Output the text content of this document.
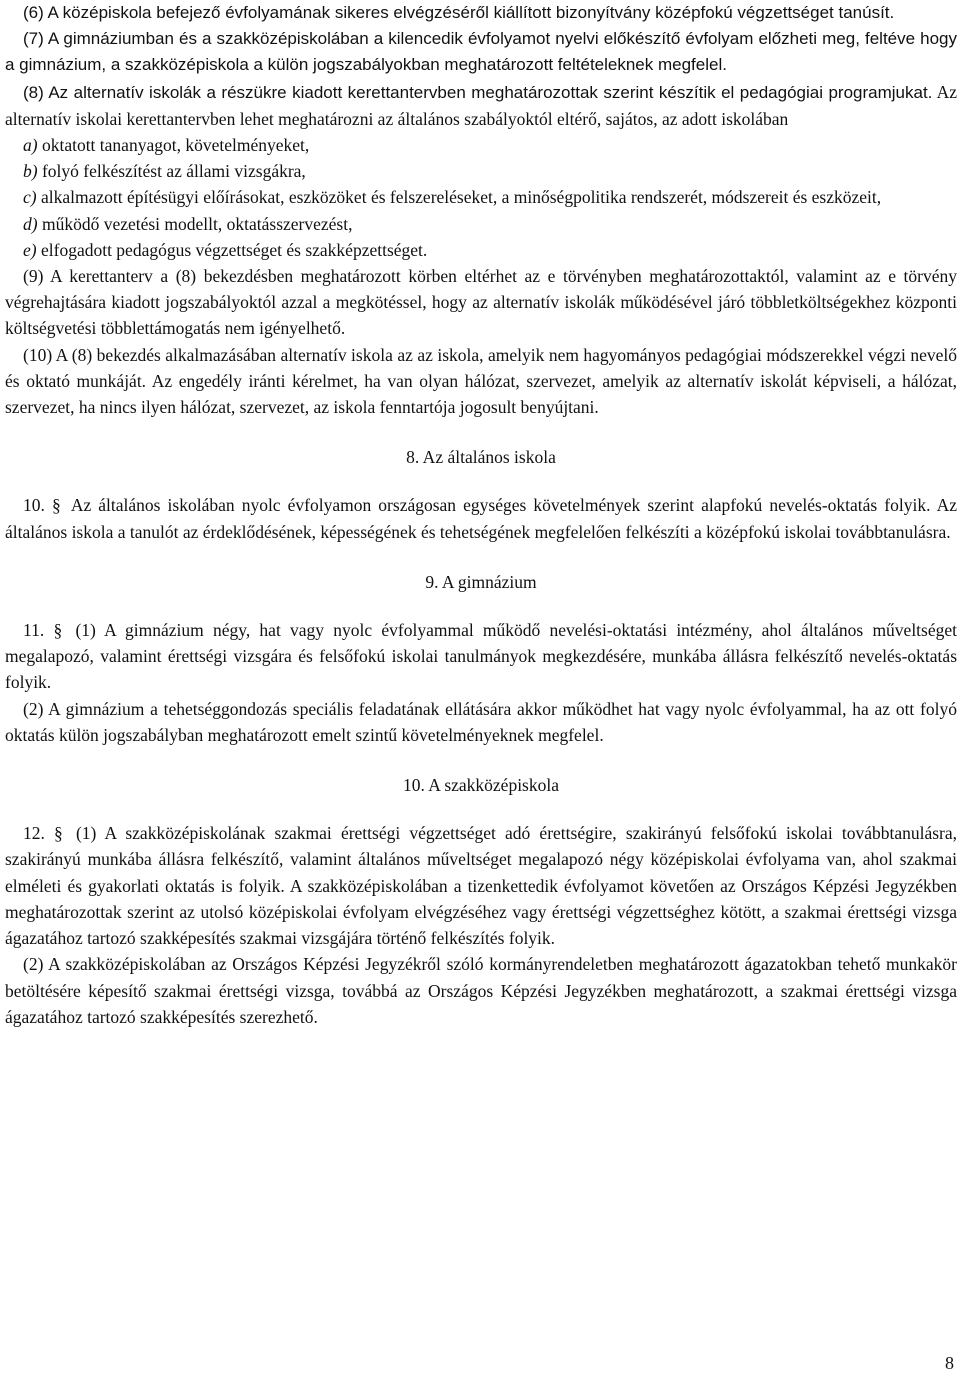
(6) A középiskola befejező évfolyamának sikeres elvégzéséről kiállított bizonyítvány középfokú végzettséget tanúsít.

(7) A gimnáziumban és a szakközépiskolában a kilencedik évfolyamot nyelvi előkészítő évfolyam előzheti meg, feltéve hogy a gimnázium, a szakközépiskola a külön jogszabályokban meghatározott feltételeknek megfelel.

(8) Az alternatív iskolák a részükre kiadott kerettantervben meghatározottak szerint készítik el pedagógiai programjukat. Az alternatív iskolai kerettantervben lehet meghatározni az általános szabályoktól eltérő, sajátos, az adott iskolában

a) oktatott tananyagot, követelményeket,

b) folyó felkészítést az állami vizsgákra,

c) alkalmazott építésügyi előírásokat, eszközöket és felszereléseket, a minőségpolitika rendszerét, módszereit és eszközeit,

d) működő vezetési modellt, oktatásszervezést,

e) elfogadott pedagógus végzettséget és szakképzettséget.

(9) A kerettanterv a (8) bekezdésben meghatározott körben eltérhet az e törvényben meghatározottaktól, valamint az e törvény végrehajtására kiadott jogszabályoktól azzal a megkötéssel, hogy az alternatív iskolák működésével járó többletköltségekhez központi költségvetési többlettámogatás nem igényelhető.

(10) A (8) bekezdés alkalmazásában alternatív iskola az az iskola, amelyik nem hagyományos pedagógiai módszerekkel végzi nevelő és oktató munkáját. Az engedély iránti kérelmet, ha van olyan hálózat, szervezet, amelyik az alternatív iskolát képviseli, a hálózat, szervezet, ha nincs ilyen hálózat, szervezet, az iskola fenntartója jogosult benyújtani.

8. Az általános iskola

10. § Az általános iskolában nyolc évfolyamon országosan egységes követelmények szerint alapfokú nevelés-oktatás folyik. Az általános iskola a tanulót az érdeklődésének, képességének és tehetségének megfelelően felkészíti a középfokú iskolai továbbtanulásra.

9. A gimnázium

11. § (1) A gimnázium négy, hat vagy nyolc évfolyammal működő nevelési-oktatási intézmény, ahol általános műveltséget megalapozó, valamint érettségi vizsgára és felsőfokú iskolai tanulmányok megkezdésére, munkába állásra felkészítő nevelés-oktatás folyik.

(2) A gimnázium a tehetséggondozás speciális feladatának ellátására akkor működhet hat vagy nyolc évfolyammal, ha az ott folyó oktatás külön jogszabályban meghatározott emelt szintű követelményeknek megfelel.

10. A szakközépiskola

12. § (1) A szakközépiskolának szakmai érettségi végzettséget adó érettségire, szakirányú felsőfokú iskolai továbbtanulásra, szakirányú munkába állásra felkészítő, valamint általános műveltséget megalapozó négy középiskolai évfolyama van, ahol szakmai elméleti és gyakorlati oktatás is folyik. A szakközépiskolában a tizenkettedik évfolyamot követően az Országos Képzési Jegyzékben meghatározottak szerint az utolsó középiskolai évfolyam elvégzéséhez vagy érettségi végzettséghez kötött, a szakmai érettségi vizsga ágazatához tartozó szakképesítés szakmai vizsgájára történő felkészítés folyik.

(2) A szakközépiskolában az Országos Képzési Jegyzékről szóló kormányrendeletben meghatározott ágazatokban tehető munkakör betöltésére képesítő szakmai érettségi vizsga, továbbá az Országos Képzési Jegyzékben meghatározott, a szakmai érettségi vizsga ágazatához tartozó szakképesítés szerezhető.

8
